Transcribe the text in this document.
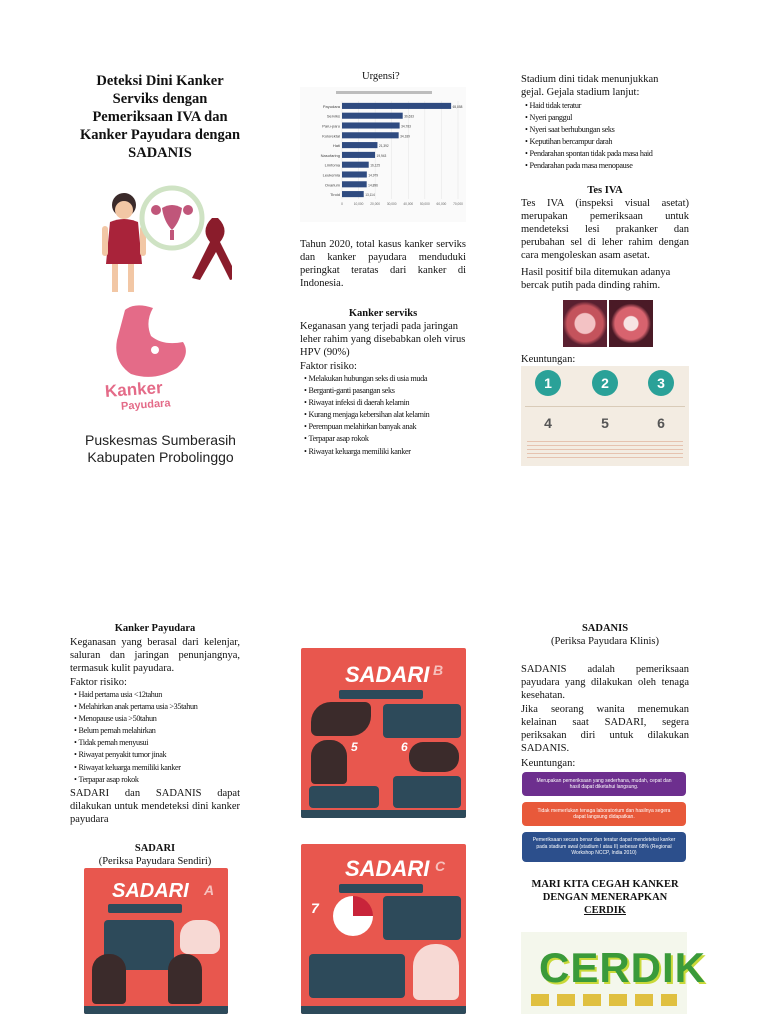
Deteksi Dini Kanker Serviks dengan Pemeriksaan IVA dan Kanker Payudara dengan SADANIS
Kanker
Payudara
Puskesmas Sumberasih
Kabupaten Probolinggo
Urgensi?
Payudara	65,858
Serviks	36,633
Paru-paru	34,783
Kolorektal	34,189
Hati	21,392
Nasofaring	19,943
Limfoma	16,125
Leukemia	14,979
Ovarium	14,896
Tiroid	13,114
0	10,000 20,000 30,000 40,000 50,000 60,000 70,000
Tahun 2020, total kasus kanker serviks dan kanker payudara menduduki peringkat teratas dari kanker di Indonesia.
Kanker serviks
Keganasan yang terjadi pada jaringan leher rahim yang disebabkan oleh virus HPV (90%)
Faktor risiko:
• Melakukan hubungan seks di usia muda
• Berganti-ganti pasangan seks
• Riwayat infeksi di daerah kelamin
• Kurang menjaga kebersihan alat kelamin
• Perempuan melahirkan banyak anak
• Terpapar asap rokok
• Riwayat keluarga memiliki kanker
Stadium dini tidak menunjukkan gejal. Gejala stadium lanjut:
• Haid tidak teratur
• Nyeri panggul
• Nyeri saat berhubungan seks
• Keputihan bercampur darah
• Pendarahan spontan tidak pada masa haid
• Pendarahan pada masa menopause
Tes IVA
Tes IVA (inspeksi visual asetat) merupakan pemeriksaan untuk mendeteksi lesi prakanker dan perubahan sel di leher rahim dengan cara mengoleskan asam asetat.
Hasil positif bila ditemukan adanya bercak putih pada dinding rahim.
Keuntungan:
1	2	3
4	5	6
Kanker Payudara
Keganasan yang berasal dari kelenjar, saluran dan jaringan penunjangnya, termasuk kulit payudara.
Faktor risiko:
• Haid pertama usia <12tahun
• Melahirkan anak pertama usia >35tahun
• Menopause usia >50tahun
• Belum pernah melahirkan
• Tidak pernah menyusui
• Riwayat penyakit tumor jinak
• Riwayat keluarga memiliki kanker
• Terpapar asap rokok
SADARI dan SADANIS dapat dilakukan untuk mendeteksi dini kanker payudara
SADARI
(Periksa Payudara Sendiri)
SADARI A
SADARI B
5	6
SADARI C
7
SADANIS
(Periksa Payudara Klinis)
SADANIS adalah pemeriksaan payudara yang dilakukan oleh tenaga kesehatan.
Jika seorang wanita menemukan kelainan saat SADARI, segera periksakan diri untuk dilakukan SADANIS.
Keuntungan:
Merupakan pemeriksaan yang sederhana, mudah, cepat dan hasil dapat diketahui langsung.
Tidak memerlukan tenaga laboratorium dan hasilnya segera dapat langsung didapatkan.
Pemeriksaan secara benar dan teratur dapat mendeteksi kanker pada stadium awal (stadium I atau II) sebesar 68% (Regional Workshop NCCP, India 2010)
MARI KITA CEGAH KANKER DENGAN MENERAPKAN CERDIK
CERDIK
